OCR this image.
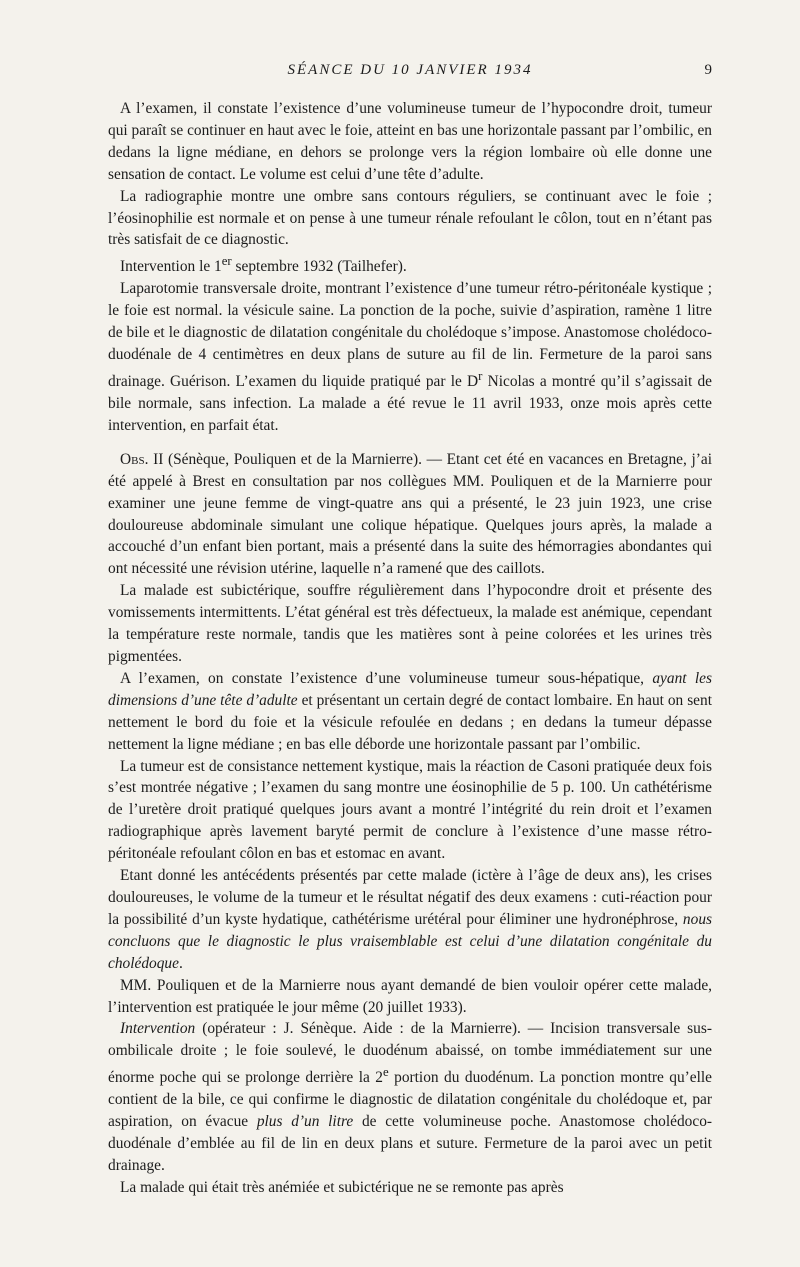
SÉANCE DU 10 JANVIER 1934	9

A l’examen, il constate l’existence d’une volumineuse tumeur de l’hypocondre droit, tumeur qui paraît se continuer en haut avec le foie, atteint en bas une horizontale passant par l’ombilic, en dedans la ligne médiane, en dehors se prolonge vers la région lombaire où elle donne une sensation de contact. Le volume est celui d’une tête d’adulte.

La radiographie montre une ombre sans contours réguliers, se continuant avec le foie ; l’éosinophilie est normale et on pense à une tumeur rénale refoulant le côlon, tout en n’étant pas très satisfait de ce diagnostic.

Intervention le 1er septembre 1932 (Tailhefer).

Laparotomie transversale droite, montrant l’existence d’une tumeur rétro-péritonéale kystique ; le foie est normal. la vésicule saine. La ponction de la poche, suivie d’aspiration, ramène 1 litre de bile et le diagnostic de dilatation congénitale du cholédoque s’impose. Anastomose cholédoco-duodénale de 4 centimètres en deux plans de suture au fil de lin. Fermeture de la paroi sans drainage. Guérison. L’examen du liquide pratiqué par le $D^r$ Nicolas a montré qu’il s’agissait de bile normale, sans infection. La malade a été revue le 11 avril 1933, onze mois après cette intervention, en parfait état.

Obs. II (Sénèque, Pouliquen et de la Marnierre). — Etant cet été en vacances en Bretagne, j’ai été appelé à Brest en consultation par nos collègues MM. Pouliquen et de la Marnierre pour examiner une jeune femme de vingt-quatre ans qui a présenté, le 23 juin 1923, une crise douloureuse abdominale simulant une colique hépatique. Quelques jours après, la malade a accouché d’un enfant bien portant, mais a présenté dans la suite des hémorragies abondantes qui ont nécessité une révision utérine, laquelle n’a ramené que des caillots.

La malade est subictérique, souffre régulièrement dans l’hypocondre droit et présente des vomissements intermittents. L’état général est très défectueux, la malade est anémique, cependant la température reste normale, tandis que les matières sont à peine colorées et les urines très pigmentées.

A l’examen, on constate l’existence d’une volumineuse tumeur sous-hépatique, ayant les dimensions d’une tête d’adulte et présentant un certain degré de contact lombaire. En haut on sent nettement le bord du foie et la vésicule refoulée en dedans ; en dedans la tumeur dépasse nettement la ligne médiane ; en bas elle déborde une horizontale passant par l’ombilic.

La tumeur est de consistance nettement kystique, mais la réaction de Casoni pratiquée deux fois s’est montrée négative ; l’examen du sang montre une éosinophilie de 5 p. 100. Un cathétérisme de l’uretère droit pratiqué quelques jours avant a montré l’intégrité du rein droit et l’examen radiographique après lavement baryté permit de conclure à l’existence d’une masse rétro-péritonéale refoulant côlon en bas et estomac en avant.

Etant donné les antécédents présentés par cette malade (ictère à l’âge de deux ans), les crises douloureuses, le volume de la tumeur et le résultat négatif des deux examens : cuti-réaction pour la possibilité d’un kyste hydatique, cathétérisme urétéral pour éliminer une hydronéphrose, nous concluons que le diagnostic le plus vraisemblable est celui d’une dilatation congénitale du cholédoque.

MM. Pouliquen et de la Marnierre nous ayant demandé de bien vouloir opérer cette malade, l’intervention est pratiquée le jour même (20 juillet 1933).

Intervention (opérateur : J. Sénèque. Aide : de la Marnierre). — Incision transversale sus-ombilicale droite ; le foie soulevé, le duodénum abaissé, on tombe immédiatement sur une énorme poche qui se prolonge derrière la 2e portion du duodénum. La ponction montre qu’elle contient de la bile, ce qui confirme le diagnostic de dilatation congénitale du cholédoque et, par aspiration, on évacue plus d’un litre de cette volumineuse poche. Anastomose cholédoco-duodénale d’emblée au fil de lin en deux plans et suture. Fermeture de la paroi avec un petit drainage.

La malade qui était très anémiée et subictérique ne se remonte pas après
